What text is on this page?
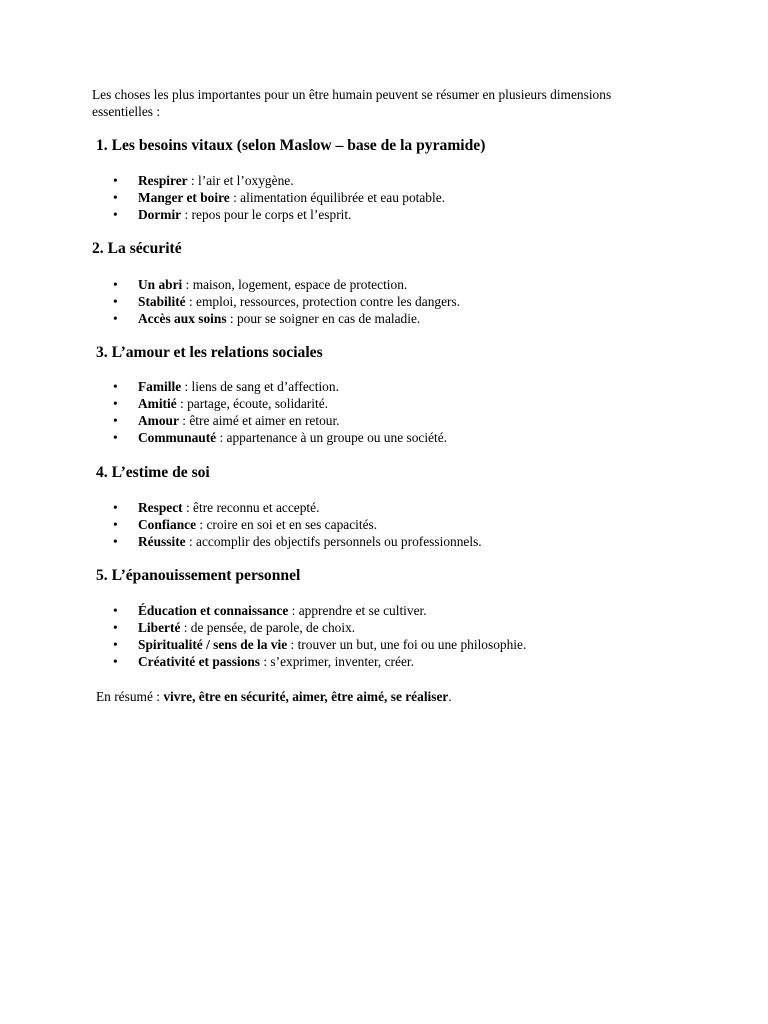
Les choses les plus importantes pour un être humain peuvent se résumer en plusieurs dimensions essentielles :

1. Les besoins vitaux (selon Maslow – base de la pyramide)
• Respirer : l’air et l’oxygène.
• Manger et boire : alimentation équilibrée et eau potable.
• Dormir : repos pour le corps et l’esprit.
2. La sécurité
• Un abri : maison, logement, espace de protection.
• Stabilité : emploi, ressources, protection contre les dangers.
• Accès aux soins : pour se soigner en cas de maladie.
3. L’amour et les relations sociales
• Famille : liens de sang et d’affection.
• Amitié : partage, écoute, solidarité.
• Amour : être aimé et aimer en retour.
• Communauté : appartenance à un groupe ou une société.
4. L’estime de soi
• Respect : être reconnu et accepté.
• Confiance : croire en soi et en ses capacités.
• Réussite : accomplir des objectifs personnels ou professionnels.
5. L’épanouissement personnel
• Éducation et connaissance : apprendre et se cultiver.
• Liberté : de pensée, de parole, de choix.
• Spiritualité / sens de la vie : trouver un but, une foi ou une philosophie.
• Créativité et passions : s’exprimer, inventer, créer.

En résumé : vivre, être en sécurité, aimer, être aimé, se réaliser.
